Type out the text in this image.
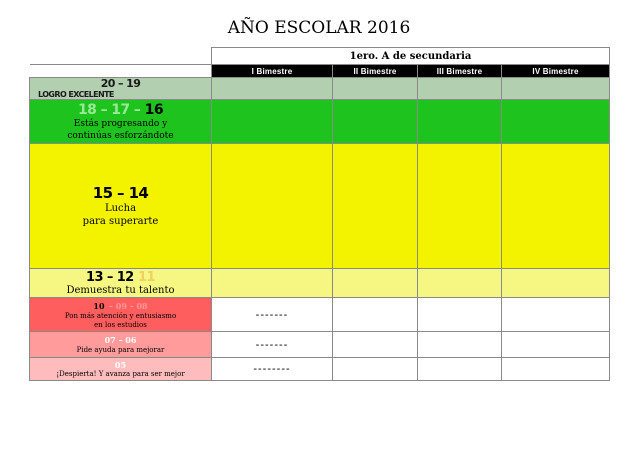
AÑO ESCOLAR 2016
	1ero. A de secundaria			
	I Bimestre	II Bimestre	III Bimestre	IV Bimestre

20 – 19
LOGRO EXCELENTE				

18 – 17 – 16
Estás progresando y
continúas esforzándote				

15 – 14
Lucha
para superarte				

13 – 12 11
Demuestra tu talento				

10 – 09 – 08
Pon más atención y entusiasmo
en los estudios	-------			

07 – 06
Pide ayuda para mejorar	-------			

05
¡Despierta! Y avanza para ser mejor	--------			
